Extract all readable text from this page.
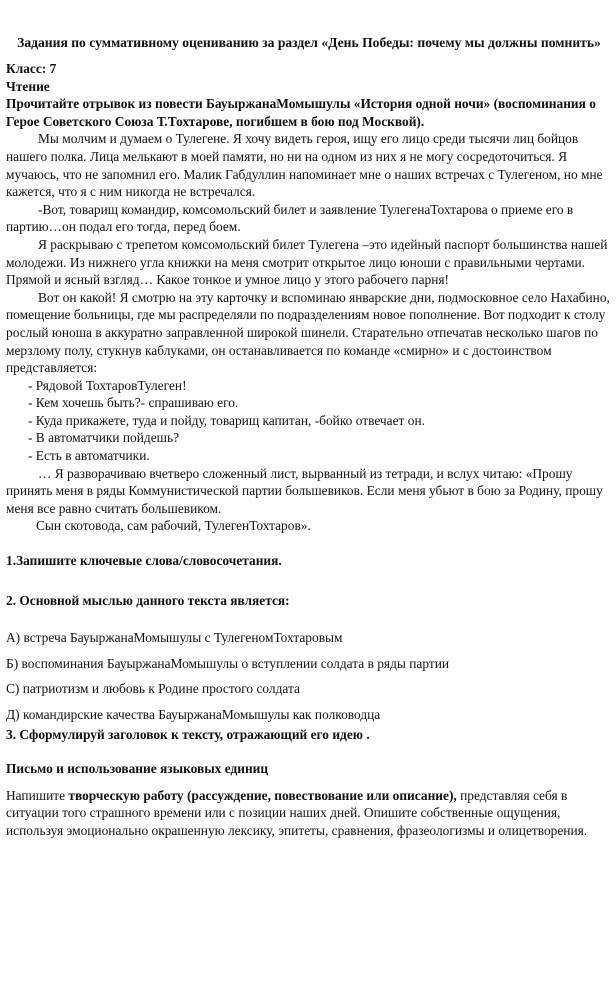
Задания по суммативному оцениванию за раздел «День Победы: почему мы должны помнить»

Класс: 7

Чтение

Прочитайте отрывок из повести БауыржанаМомышулы «История одной ночи» (воспоминания о Герое Советского Союза Т.Тохтарове, погибшем в бою под Москвой).

Мы молчим и думаем о Тулегене. Я хочу видеть героя, ищу его лицо среди тысячи лиц бойцов нашего полка. Лица мелькают в моей памяти, но ни на одном из них я не могу сосредоточиться. Я мучаюсь, что не запомнил его. Малик Габдуллин напоминает мне о наших встречах с Тулегеном, но мне кажется, что я с ним никогда не встречался.

-Вот, товарищ командир, комсомольский билет и заявление ТулегенаТохтарова о приеме его в партию…он подал его тогда, перед боем.

Я раскрываю с трепетом комсомольский билет Тулегена –это идейный паспорт большинства нашей молодежи. Из нижнего угла книжки на меня смотрит открытое лицо юноши с правильными чертами. Прямой и ясный взгляд… Какое тонкое и умное лицо у этого рабочего парня!

Вот он какой! Я смотрю на эту карточку и вспоминаю январские дни, подмосковное село Нахабино, помещение больницы, где мы распределяли по подразделениям новое пополнение. Вот подходит к столу рослый юноша в аккуратно заправленной широкой шинели. Старательно отпечатав несколько шагов по мерзлому полу, стукнув каблуками, он останавливается по команде «смирно» и с достоинством представляется:

- Рядовой ТохтаровТулеген!

- Кем хочешь быть?- спрашиваю его.

- Куда прикажете, туда и пойду, товарищ капитан, -бойко отвечает он.

- В автоматчики пойдешь?

- Есть в автоматчики.

… Я разворачиваю вчетверо сложенный лист, вырванный из тетради, и вслух читаю: «Прошу принять меня в ряды Коммунистической партии большевиков. Если меня убьют в бою за Родину, прошу меня все равно считать большевиком.

Сын скотовода, сам рабочий, ТулегенТохтаров».

1.Запишите ключевые слова/словосочетания.

2. Основной мыслью данного текста является:

А) встреча БауыржанаМомышулы с ТулегеномТохтаровым

Б) воспоминания БауыржанаМомышулы о вступлении солдата в ряды партии

С) патриотизм и любовь к Родине простого солдата

Д) командирские качества БауыржанаМомышулы как полководца

3. Сформулируй заголовок к тексту, отражающий его идею .

Письмо и использование языковых единиц

Напишите творческую работу (рассуждение, повествование или описание), представляя себя в ситуации того страшного времени или с позиции наших дней. Опишите собственные ощущения, используя эмоционально окрашенную лексику, эпитеты, сравнения, фразеологизмы и олицетворения.
